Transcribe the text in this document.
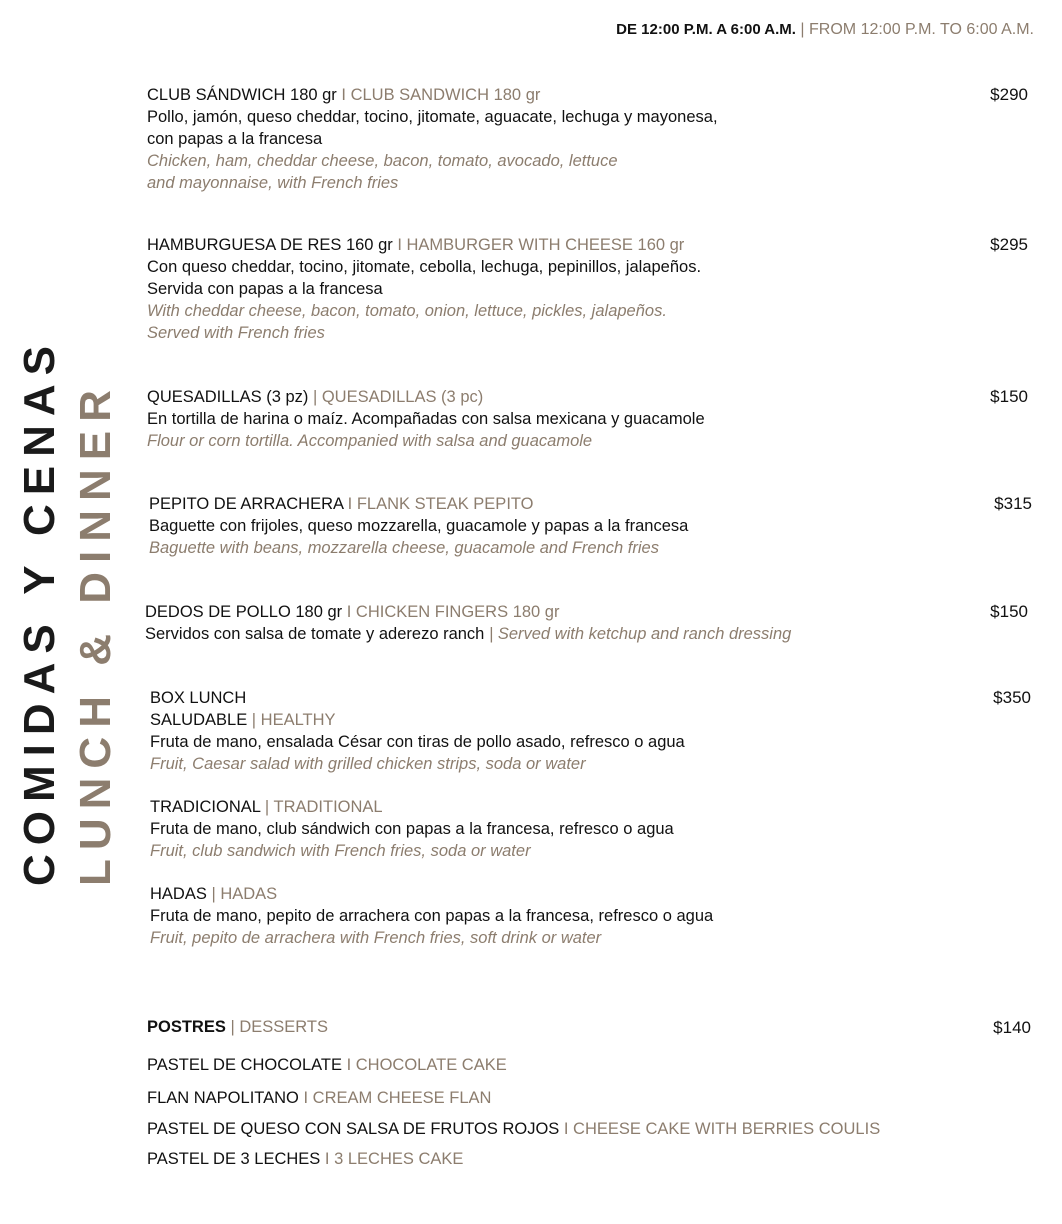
DE 12:00 P.M. A 6:00 A.M. | FROM 12:00 P.M. TO 6:00 A.M.
COMIDAS Y CENAS LUNCH & DINNER
CLUB SÁNDWICH 180 gr I CLUB SANDWICH 180 gr
Pollo, jamón, queso cheddar, tocino, jitomate, aguacate, lechuga y mayonesa,
con papas a la francesa
Chicken, ham, cheddar cheese, bacon, tomato, avocado, lettuce
and mayonnaise, with French fries
$290
HAMBURGUESA DE RES 160 gr I HAMBURGER WITH CHEESE 160 gr
Con queso cheddar, tocino, jitomate, cebolla, lechuga, pepinillos, jalapeños.
Servida con papas a la francesa
With cheddar cheese, bacon, tomato, onion, lettuce, pickles, jalapeños.
Served with French fries
$295
QUESADILLAS (3 pz) | QUESADILLAS (3 pc)
En tortilla de harina o maíz. Acompañadas con salsa mexicana y guacamole
Flour or corn tortilla. Accompanied with salsa and guacamole
$150
PEPITO DE ARRACHERA I FLANK STEAK PEPITO
Baguette con frijoles, queso mozzarella, guacamole y papas a la francesa
Baguette with beans, mozzarella cheese, guacamole and French fries
$315
DEDOS DE POLLO 180 gr I CHICKEN FINGERS 180 gr
Servidos con salsa de tomate y aderezo ranch | Served with ketchup and ranch dressing
$150
BOX LUNCH
SALUDABLE | HEALTHY
Fruta de mano, ensalada César con tiras de pollo asado, refresco o agua
Fruit, Caesar salad with grilled chicken strips, soda or water
TRADICIONAL | TRADITIONAL
Fruta de mano, club sándwich con papas a la francesa, refresco o agua
Fruit, club sandwich with French fries, soda or water
HADAS | HADAS
Fruta de mano, pepito de arrachera con papas a la francesa, refresco o agua
Fruit, pepito de arrachera with French fries, soft drink or water
$350
POSTRES | DESSERTS	$140
PASTEL DE CHOCOLATE I CHOCOLATE CAKE
FLAN NAPOLITANO I CREAM CHEESE FLAN
PASTEL DE QUESO CON SALSA DE FRUTOS ROJOS I CHEESE CAKE WITH BERRIES COULIS
PASTEL DE 3 LECHES I 3 LECHES CAKE
